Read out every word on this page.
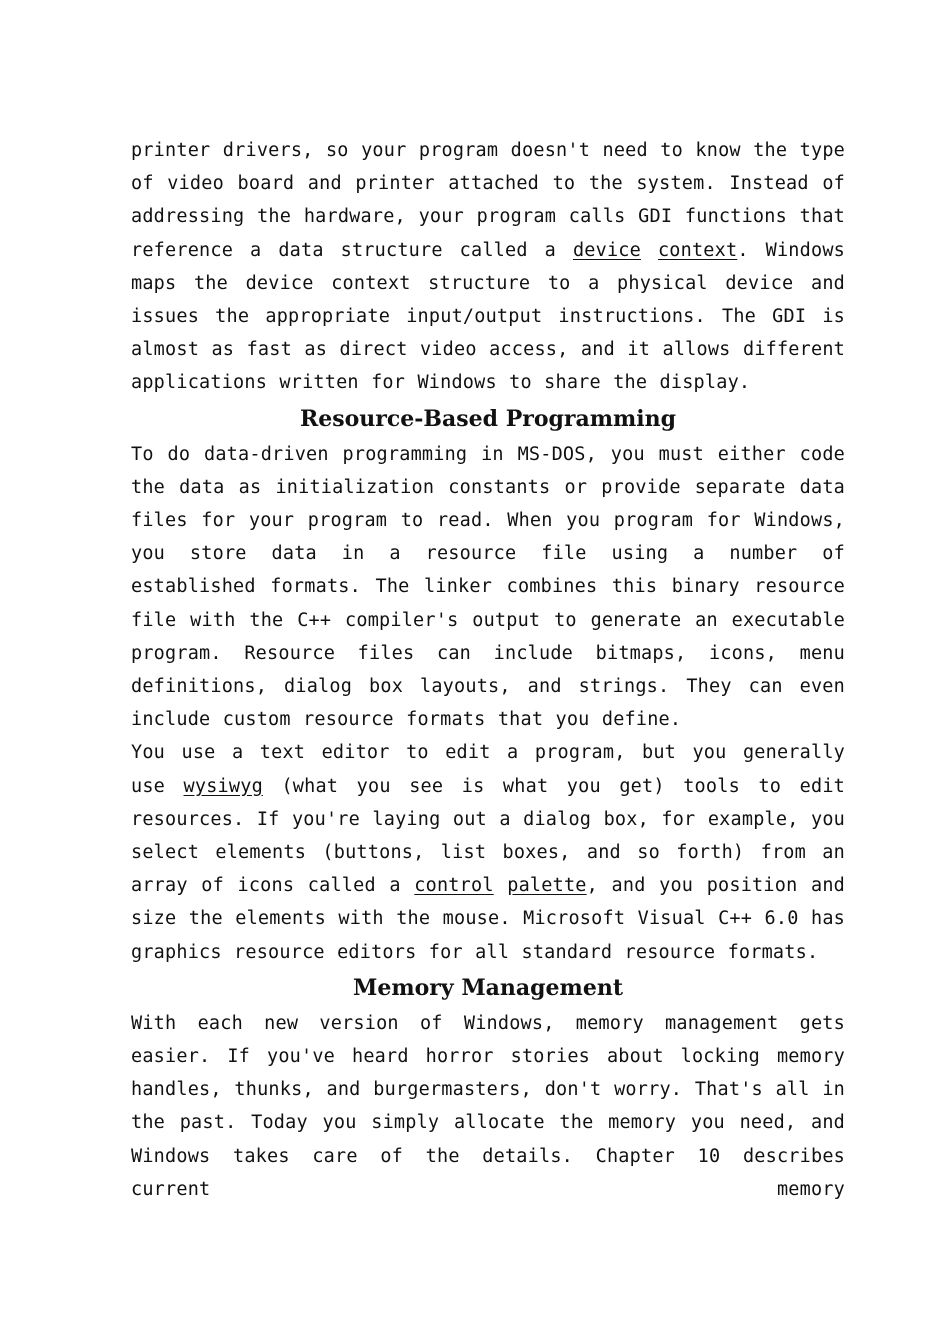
printer drivers, so your program doesn't need to know the type of video board and printer attached to the system. Instead of addressing the hardware, your program calls GDI functions that reference a data structure called a device context. Windows maps the device context structure to a physical device and issues the appropriate input/output instructions. The GDI is almost as fast as direct video access, and it allows different applications written for Windows to share the display.

Resource-Based Programming

To do data-driven programming in MS-DOS, you must either code the data as initialization constants or provide separate data files for your program to read. When you program for Windows, you store data in a resource file using a number of established formats. The linker combines this binary resource file with the C++ compiler's output to generate an executable program. Resource files can include bitmaps, icons, menu definitions, dialog box layouts, and strings. They can even include custom resource formats that you define.

You use a text editor to edit a program, but you generally use wysiwyg (what you see is what you get) tools to edit resources. If you're laying out a dialog box, for example, you select elements (buttons, list boxes, and so forth) from an array of icons called a control palette, and you position and size the elements with the mouse. Microsoft Visual C++ 6.0 has graphics resource editors for all standard resource formats.

Memory Management

With each new version of Windows, memory management gets easier. If you've heard horror stories about locking memory handles, thunks, and burgermasters, don't worry. That's all in the past. Today you simply allocate the memory you need, and Windows takes care of the details. Chapter 10 describes current memory
